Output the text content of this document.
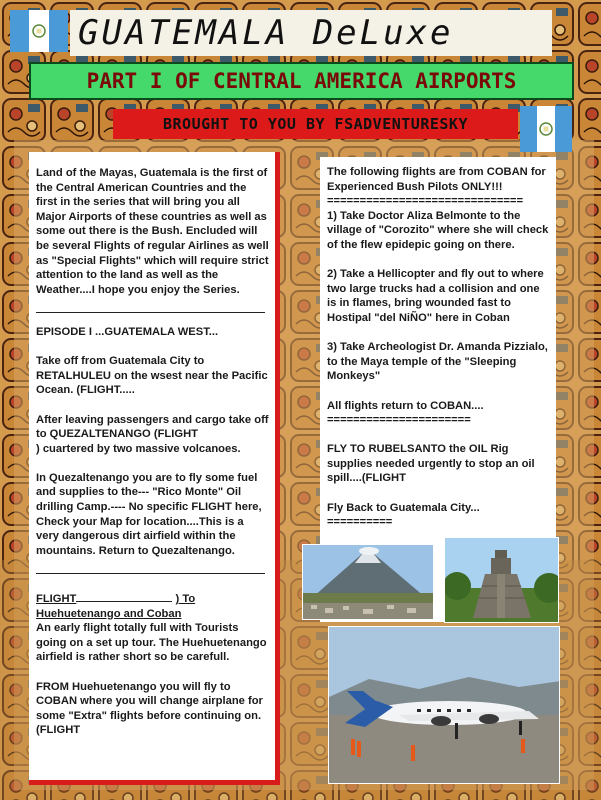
GUATEMALA DeLuxe
PART I OF CENTRAL AMERICA AIRPORTS
BROUGHT TO YOU BY FSADVENTURESKY

Land of the Mayas, Guatemala is the first of the Central American Countries and the first in the series that will bring you all Major Airports of these countries as well as some out there is the Bush. Encluded will be several Flights of regular Airlines as well as "Special Flights" which will require strict attention to the land as well as the Weather....I hope you enjoy the Series.

EPISODE I ...GUATEMALA WEST...

Take off from Guatemala City to RETALHULEU on the wsest near the Pacific Ocean. (FLIGHT.....

After leaving passengers and cargo take off to QUEZALTENANGO (FLIGHT
) cuartered by two massive volcanoes.

In Quezaltenango you are to fly some fuel and supplies to the--- "Rico Monte" Oil drilling Camp.---- No specific FLIGHT here, Check your Map for location....This is a very dangerous dirt airfield within the mountains. Return to Quezaltenango.

FLIGHT	) To

Huehuetenango and Coban

An early flight totally full with Tourists going on a set up tour. The Huehuetenango airfield is rather short so be carefull.

FROM Huehuetenango you will fly to COBAN where you will change airplane for some "Extra" flights before continuing on. (FLIGHT

The following flights are from COBAN for Experienced Bush Pilots ONLY!!!

==============================

1) Take Doctor Aliza Belmonte to the village of "Corozito" where she will check of the flew epidepic going on there.

2) Take a Hellicopter and fly out to where two large trucks had a collision and one is in flames, bring wounded fast to Hostipal "del NiÑO" here in Coban

3) Take Archeologist Dr. Amanda Pizzialo, to the Maya temple of the "Sleeping Monkeys"

All flights return to COBAN....

======================

FLY TO RUBELSANTO the OIL Rig supplies needed urgently to stop an oil spill....(FLIGHT

Fly Back to Guatemala City...

==========
